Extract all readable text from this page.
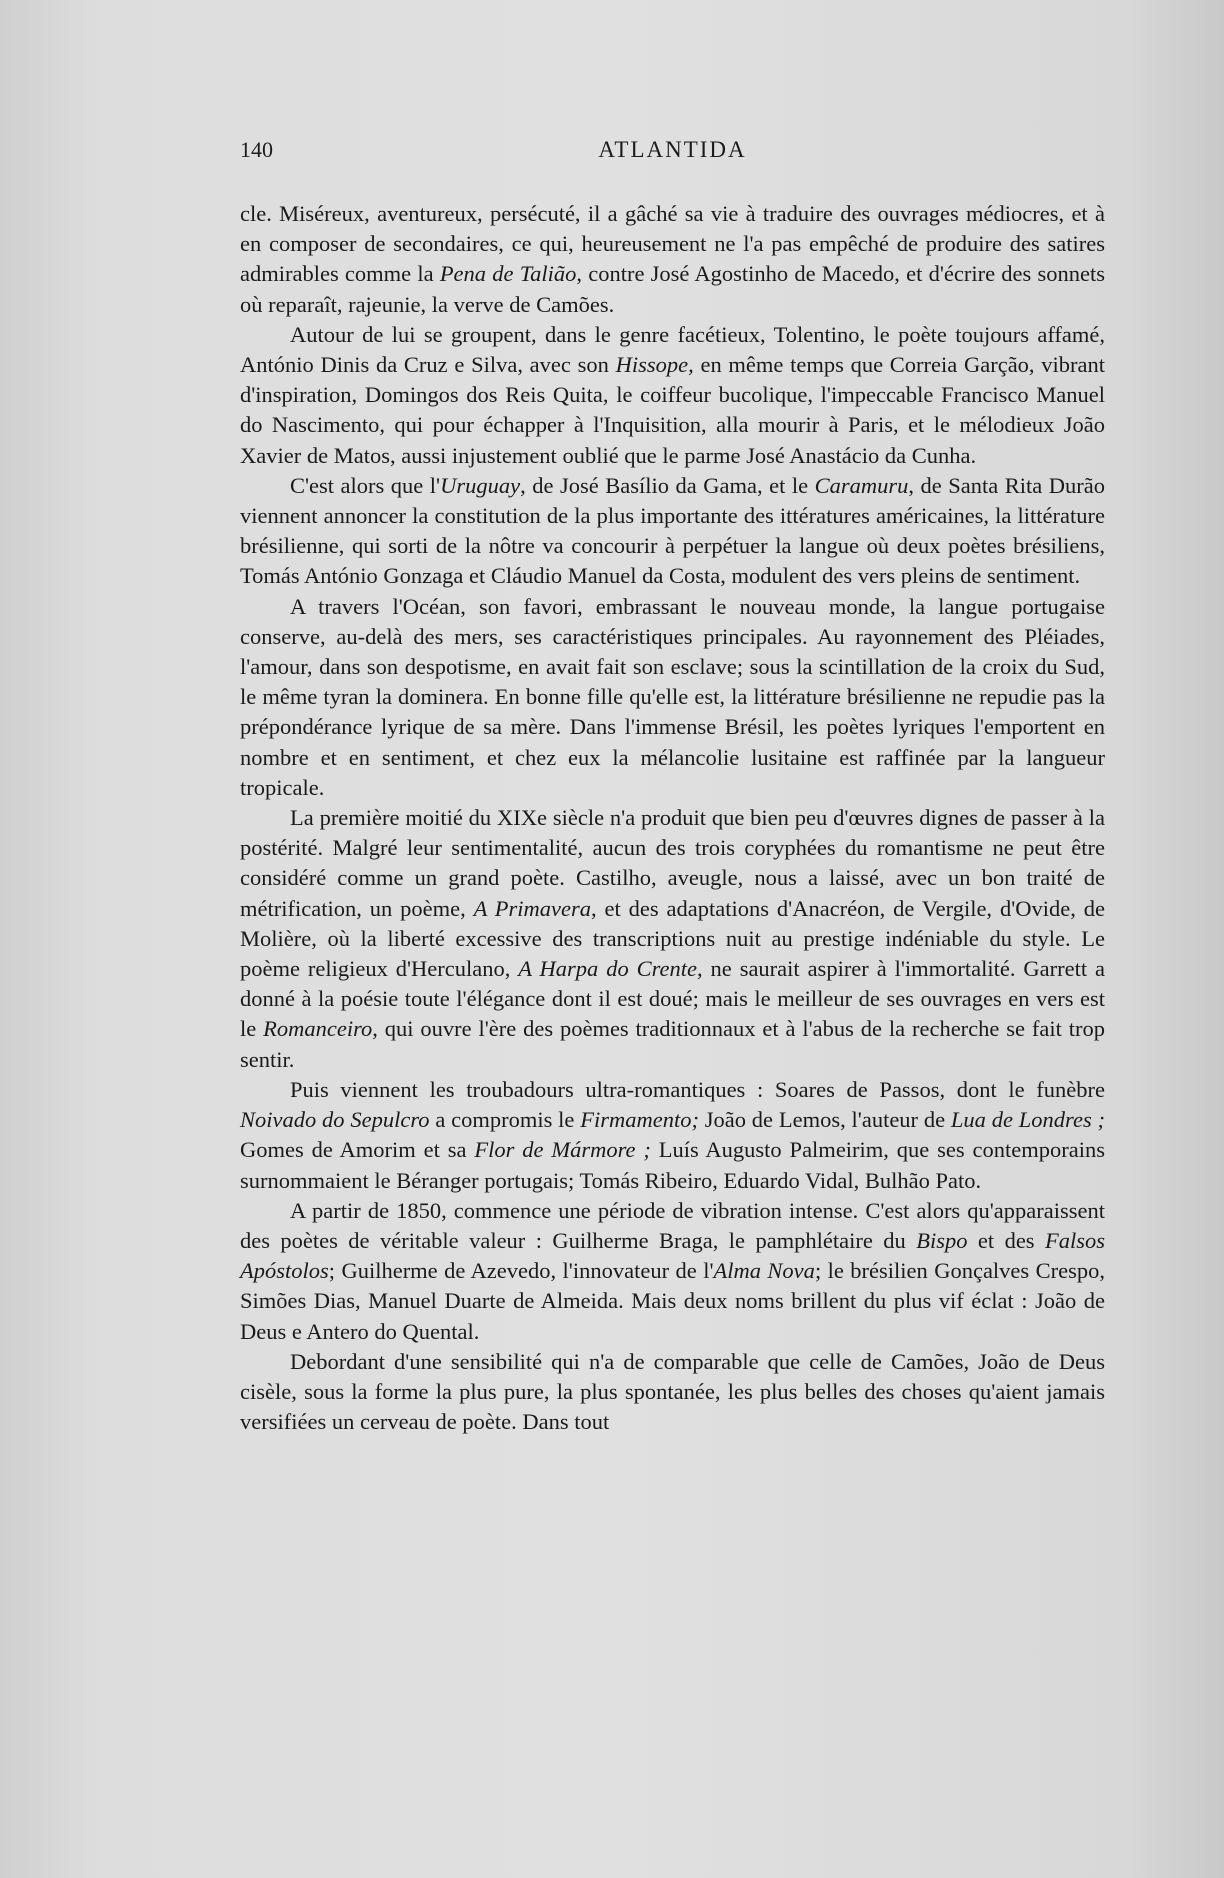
140	ATLANTIDA

cle. Miséreux, aventureux, persécuté, il a gâché sa vie à traduire des ouvrages médiocres, et à en composer de secondaires, ce qui, heureusement ne l'a pas empêché de produire des satires admirables comme la Pena de Talião, contre José Agostinho de Macedo, et d'écrire des sonnets où reparaît, rajeunie, la verve de Camões.

Autour de lui se groupent, dans le genre facétieux, Tolentino, le poète toujours affamé, António Dinis da Cruz e Silva, avec son Hissope, en même temps que Correia Garção, vibrant d'inspiration, Domingos dos Reis Quita, le coiffeur bucolique, l'impeccable Francisco Manuel do Nascimento, qui pour échapper à l'Inquisition, alla mourir à Paris, et le mélodieux João Xavier de Matos, aussi injustement oublié que le parme José Anastácio da Cunha.

C'est alors que l'Uruguay, de José Basílio da Gama, et le Caramuru, de Santa Rita Durão viennent annoncer la constitution de la plus importante des ittératures américaines, la littérature brésilienne, qui sorti de la nôtre va concourir à perpétuer la langue où deux poètes brésiliens, Tomás António Gonzaga et Cláudio Manuel da Costa, modulent des vers pleins de sentiment.

A travers l'Océan, son favori, embrassant le nouveau monde, la langue portugaise conserve, au-delà des mers, ses caractéristiques principales. Au rayonnement des Pléiades, l'amour, dans son despotisme, en avait fait son esclave; sous la scintillation de la croix du Sud, le même tyran la dominera. En bonne fille qu'elle est, la littérature brésilienne ne repudie pas la prépondérance lyrique de sa mère. Dans l'immense Brésil, les poètes lyriques l'emportent en nombre et en sentiment, et chez eux la mélancolie lusitaine est raffinée par la langueur tropicale.

La première moitié du XIXe siècle n'a produit que bien peu d'œuvres dignes de passer à la postérité. Malgré leur sentimentalité, aucun des trois coryphées du romantisme ne peut être considéré comme un grand poète. Castilho, aveugle, nous a laissé, avec un bon traité de métrification, un poème, A Primavera, et des adaptations d'Anacréon, de Vergile, d'Ovide, de Molière, où la liberté excessive des transcriptions nuit au prestige indéniable du style. Le poème religieux d'Herculano, A Harpa do Crente, ne saurait aspirer à l'immortalité. Garrett a donné à la poésie toute l'élégance dont il est doué; mais le meilleur de ses ouvrages en vers est le Romanceiro, qui ouvre l'ère des poèmes traditionnaux et à l'abus de la recherche se fait trop sentir.

Puis viennent les troubadours ultra-romantiques : Soares de Passos, dont le funèbre Noivado do Sepulcro a compromis le Firmamento; João de Lemos, l'auteur de Lua de Londres ; Gomes de Amorim et sa Flor de Mármore ; Luís Augusto Palmeirim, que ses contemporains surnommaient le Béranger portugais; Tomás Ribeiro, Eduardo Vidal, Bulhão Pato.

A partir de 1850, commence une période de vibration intense. C'est alors qu'apparaissent des poètes de véritable valeur : Guilherme Braga, le pamphlétaire du Bispo et des Falsos Apóstolos; Guilherme de Azevedo, l'innovateur de l'Alma Nova; le brésilien Gonçalves Crespo, Simões Dias, Manuel Duarte de Almeida. Mais deux noms brillent du plus vif éclat : João de Deus e Antero do Quental.

Debordant d'une sensibilité qui n'a de comparable que celle de Camões, João de Deus cisèle, sous la forme la plus pure, la plus spontanée, les plus belles des choses qu'aient jamais versifiées un cerveau de poète. Dans tout
